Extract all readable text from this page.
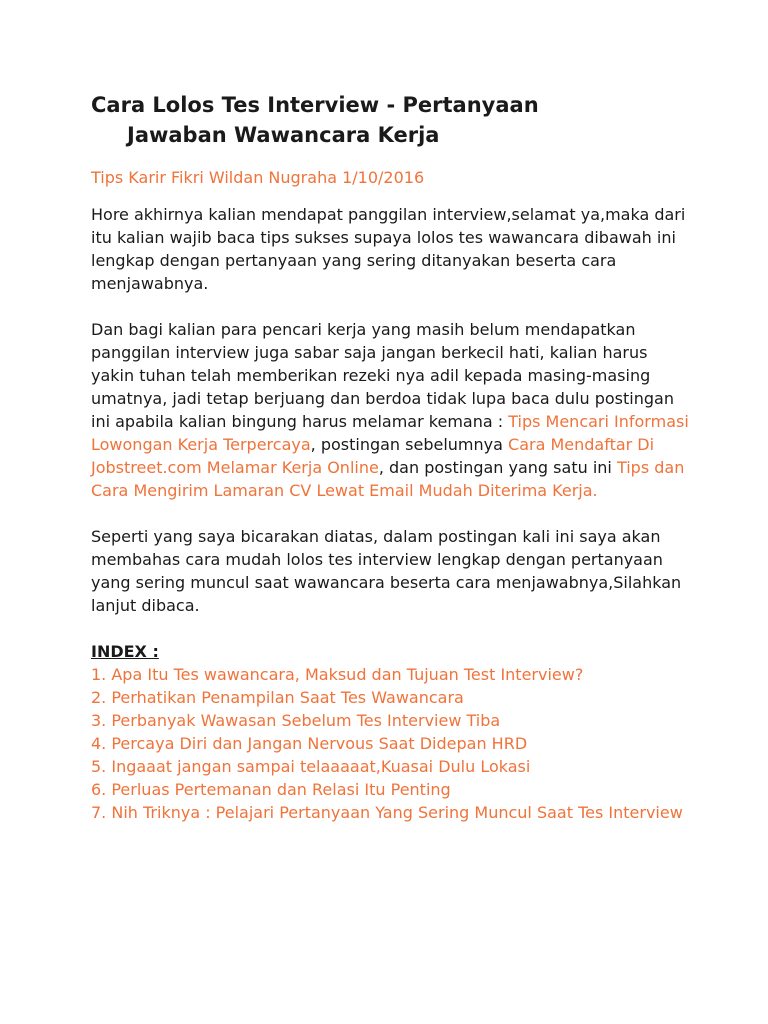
Cara Lolos Tes Interview - Pertanyaan
Jawaban Wawancara Kerja
Tips Karir Fikri Wildan Nugraha 1/10/2016

Hore akhirnya kalian mendapat panggilan interview,selamat ya,maka dari itu kalian wajib baca tips sukses supaya lolos tes wawancara dibawah ini lengkap dengan pertanyaan yang sering ditanyakan beserta cara menjawabnya.

Dan bagi kalian para pencari kerja yang masih belum mendapatkan panggilan interview juga sabar saja jangan berkecil hati, kalian harus yakin tuhan telah memberikan rezeki nya adil kepada masing-masing umatnya, jadi tetap berjuang dan berdoa tidak lupa baca dulu postingan ini apabila kalian bingung harus melamar kemana : Tips Mencari Informasi Lowongan Kerja Terpercaya, postingan sebelumnya Cara Mendaftar Di Jobstreet.com Melamar Kerja Online, dan postingan yang satu ini Tips dan Cara Mengirim Lamaran CV Lewat Email Mudah Diterima Kerja.

Seperti yang saya bicarakan diatas, dalam postingan kali ini saya akan membahas cara mudah lolos tes interview lengkap dengan pertanyaan yang sering muncul saat wawancara beserta cara menjawabnya,Silahkan lanjut dibaca.

INDEX :
1. Apa Itu Tes wawancara, Maksud dan Tujuan Test Interview?
2. Perhatikan Penampilan Saat Tes Wawancara
3. Perbanyak Wawasan Sebelum Tes Interview Tiba
4. Percaya Diri dan Jangan Nervous Saat Didepan HRD
5. Ingaaat jangan sampai telaaaaat,Kuasai Dulu Lokasi
6. Perluas Pertemanan dan Relasi Itu Penting
7. Nih Triknya : Pelajari Pertanyaan Yang Sering Muncul Saat Tes Interview
